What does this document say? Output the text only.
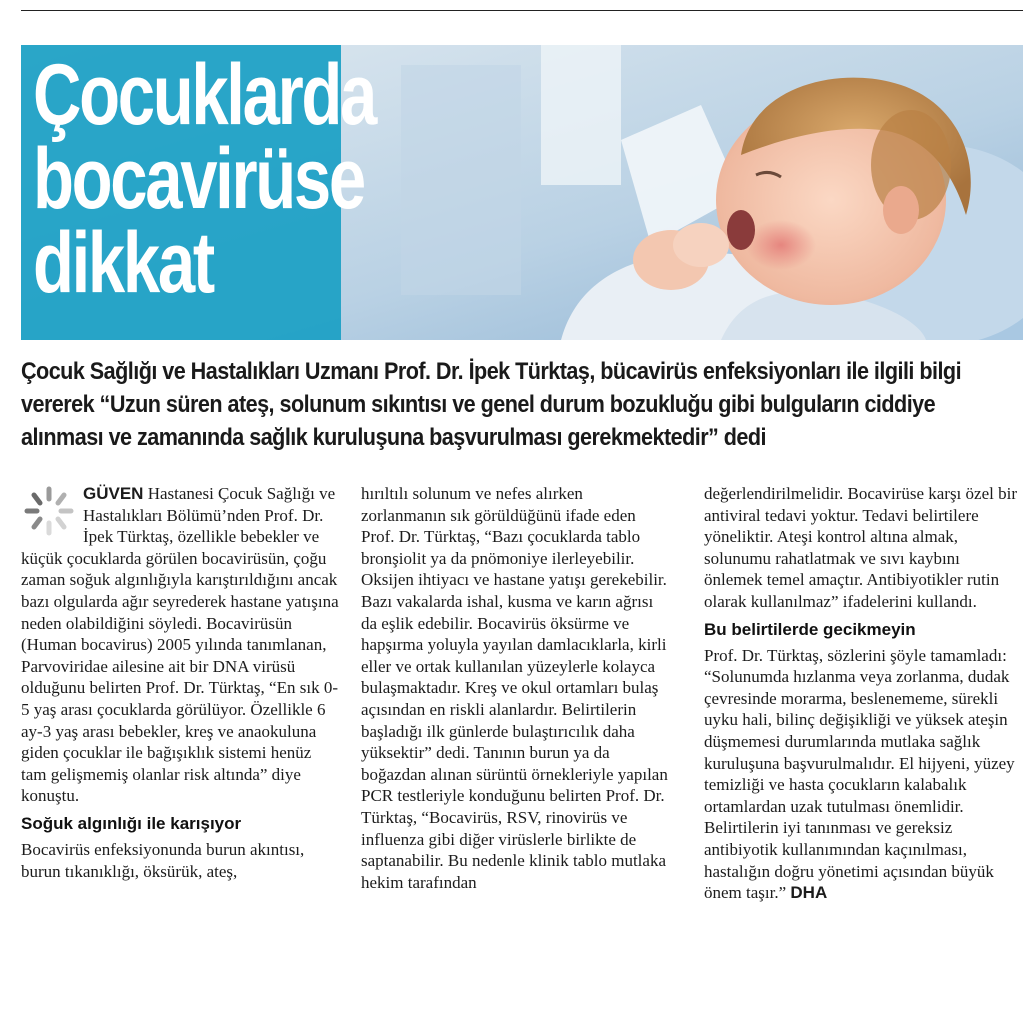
Çocuklarda
bocavirüse
dikkat

Çocuk Sağlığı ve Hastalıkları Uzmanı Prof. Dr. İpek Türktaş, bücavirüs enfeksiyonları ile ilgili bilgi vererek “Uzun süren ateş, solunum sıkıntısı ve genel durum bozukluğu gibi bulguların ciddiye alınması ve zamanında sağlık kuruluşuna başvurulması gerekmektedir” dedi

GÜVEN Hastanesi Çocuk Sağlığı ve Hastalıkları Bölümü’nden Prof. Dr. İpek Türktaş, özellikle bebekler ve küçük çocuklarda görülen bocavirüsün, çoğu zaman soğuk algınlığıyla karıştırıldığını ancak bazı olgularda ağır seyrederek hastane yatışına neden olabildiğini söyledi. Bocavirüsün (Human bocavirus) 2005 yılında tanımlanan, Parvoviridae ailesine ait bir DNA virüsü olduğunu belirten Prof. Dr. Türktaş, “En sık 0-5 yaş arası çocuklarda görülüyor. Özellikle 6 ay-3 yaş arası bebekler, kreş ve anaokuluna giden çocuklar ile bağışıklık sistemi henüz tam gelişmemiş olanlar risk altında” diye konuştu.

Soğuk algınlığı ile karışıyor

Bocavirüs enfeksiyonunda burun akıntısı, burun tıkanıklığı, öksürük, ateş,

hırıltılı solunum ve nefes alırken zorlanmanın sık görüldüğünü ifade eden Prof. Dr. Türktaş, “Bazı çocuklarda tablo bronşiolit ya da pnömoniye ilerleyebilir. Oksijen ihtiyacı ve hastane yatışı gerekebilir. Bazı vakalarda ishal, kusma ve karın ağrısı da eşlik edebilir. Bocavirüs öksürme ve hapşırma yoluyla yayılan damlacıklarla, kirli eller ve ortak kullanılan yüzeylerle kolayca bulaşmaktadır. Kreş ve okul ortamları bulaş açısından en riskli alanlardır. Belirtilerin başladığı ilk günlerde bulaştırıcılık daha yüksektir” dedi. Tanının burun ya da boğazdan alınan sürüntü örnekleriyle yapılan PCR testleriyle konduğunu belirten Prof. Dr. Türktaş, “Bocavirüs, RSV, rinovirüs ve influenza gibi diğer virüslerle birlikte de saptanabilir. Bu nedenle klinik tablo mutlaka hekim tarafından

değerlendirilmelidir. Bocavirüse karşı özel bir antiviral tedavi yoktur. Tedavi belirtilere yöneliktir. Ateşi kontrol altına almak, solunumu rahatlatmak ve sıvı kaybını önlemek temel amaçtır. Antibiyotikler rutin olarak kullanılmaz” ifadelerini kullandı.

Bu belirtilerde gecikmeyin

Prof. Dr. Türktaş, sözlerini şöyle tamamladı: “Solunumda hızlanma veya zorlanma, dudak çevresinde morarma, beslenememe, sürekli uyku hali, bilinç değişikliği ve yüksek ateşin düşmemesi durumlarında mutlaka sağlık kuruluşuna başvurulmalıdır. El hijyeni, yüzey temizliği ve hasta çocukların kalabalık ortamlardan uzak tutulması önemlidir. Belirtilerin iyi tanınması ve gereksiz antibiyotik kullanımından kaçınılması, hastalığın doğru yönetimi açısından büyük önem taşır.” DHA
